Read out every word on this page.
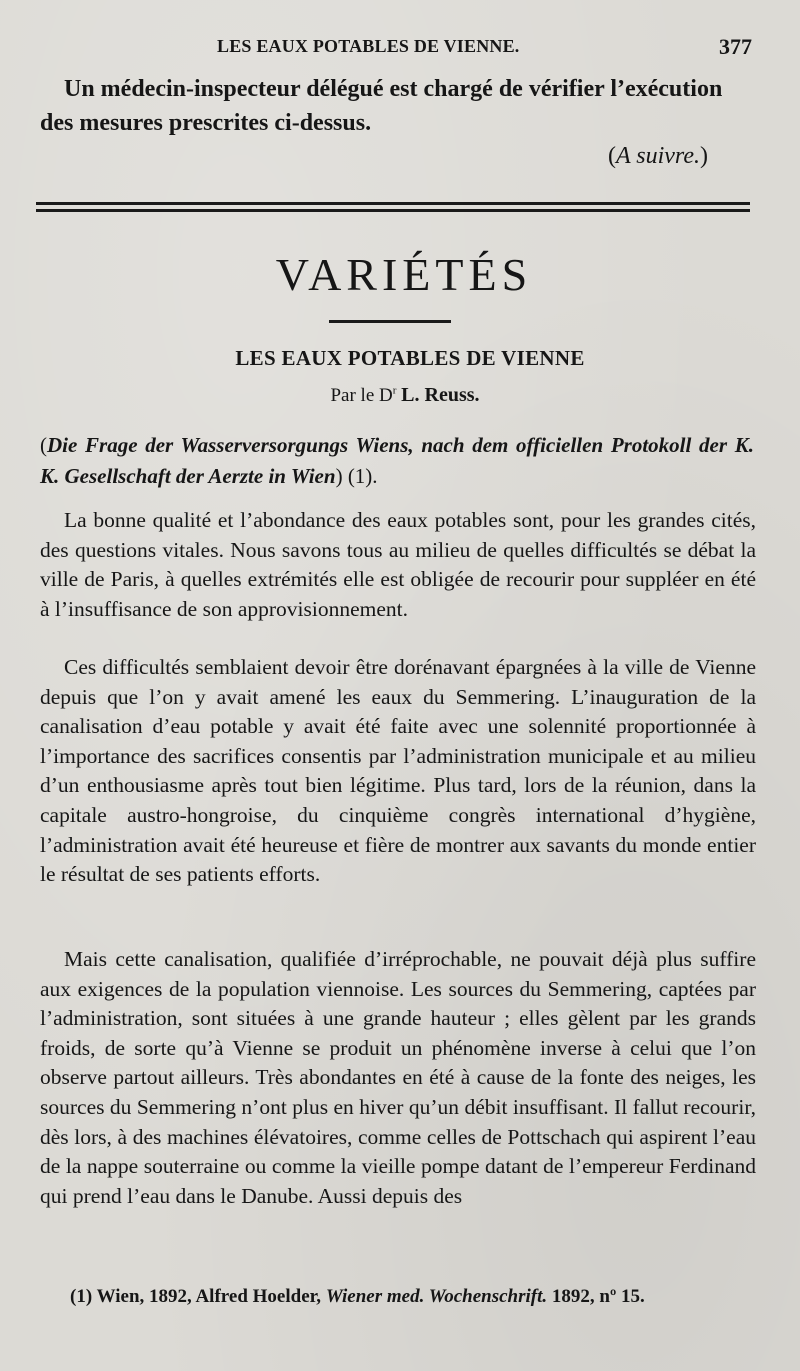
LES EAUX POTABLES DE VIENNE.	377
Un médecin-inspecteur délégué est chargé de vérifier l’exécution des mesures prescrites ci-dessus.
(A suivre.)
VARIÉTÉS
LES EAUX POTABLES DE VIENNE
Par le $D^r$ L. Reuss.
(Die Frage der Wasserversorgungs Wiens, nach dem officiellen Protokoll der K. K. Gesellschaft der Aerzte in Wien) (1).
La bonne qualité et l’abondance des eaux potables sont, pour les grandes cités, des questions vitales. Nous savons tous au milieu de quelles difficultés se débat la ville de Paris, à quelles extrémités elle est obligée de recourir pour suppléer en été à l’insuffisance de son approvisionnement.
Ces difficultés semblaient devoir être dorénavant épargnées à la ville de Vienne depuis que l’on y avait amené les eaux du Semmering. L’inauguration de la canalisation d’eau potable y avait été faite avec une solennité proportionnée à l’importance des sacrifices consentis par l’administration municipale et au milieu d’un enthousiasme après tout bien légitime. Plus tard, lors de la réunion, dans la capitale austro-hongroise, du cinquième congrès international d’hygiène, l’administration avait été heureuse et fière de montrer aux savants du monde entier le résultat de ses patients efforts.
Mais cette canalisation, qualifiée d’irréprochable, ne pouvait déjà plus suffire aux exigences de la population viennoise. Les sources du Semmering, captées par l’administration, sont situées à une grande hauteur ; elles gèlent par les grands froids, de sorte qu’à Vienne se produit un phénomène inverse à celui que l’on observe partout ailleurs. Très abondantes en été à cause de la fonte des neiges, les sources du Semmering n’ont plus en hiver qu’un débit insuffisant. Il fallut recourir, dès lors, à des machines élévatoires, comme celles de Pottschach qui aspirent l’eau de la nappe souterraine ou comme la vieille pompe datant de l’empereur Ferdinand qui prend l’eau dans le Danube. Aussi depuis des
(1) Wien, 1892, Alfred Hoelder, Wiener med. Wochenschrift. 1892, nº 15.
